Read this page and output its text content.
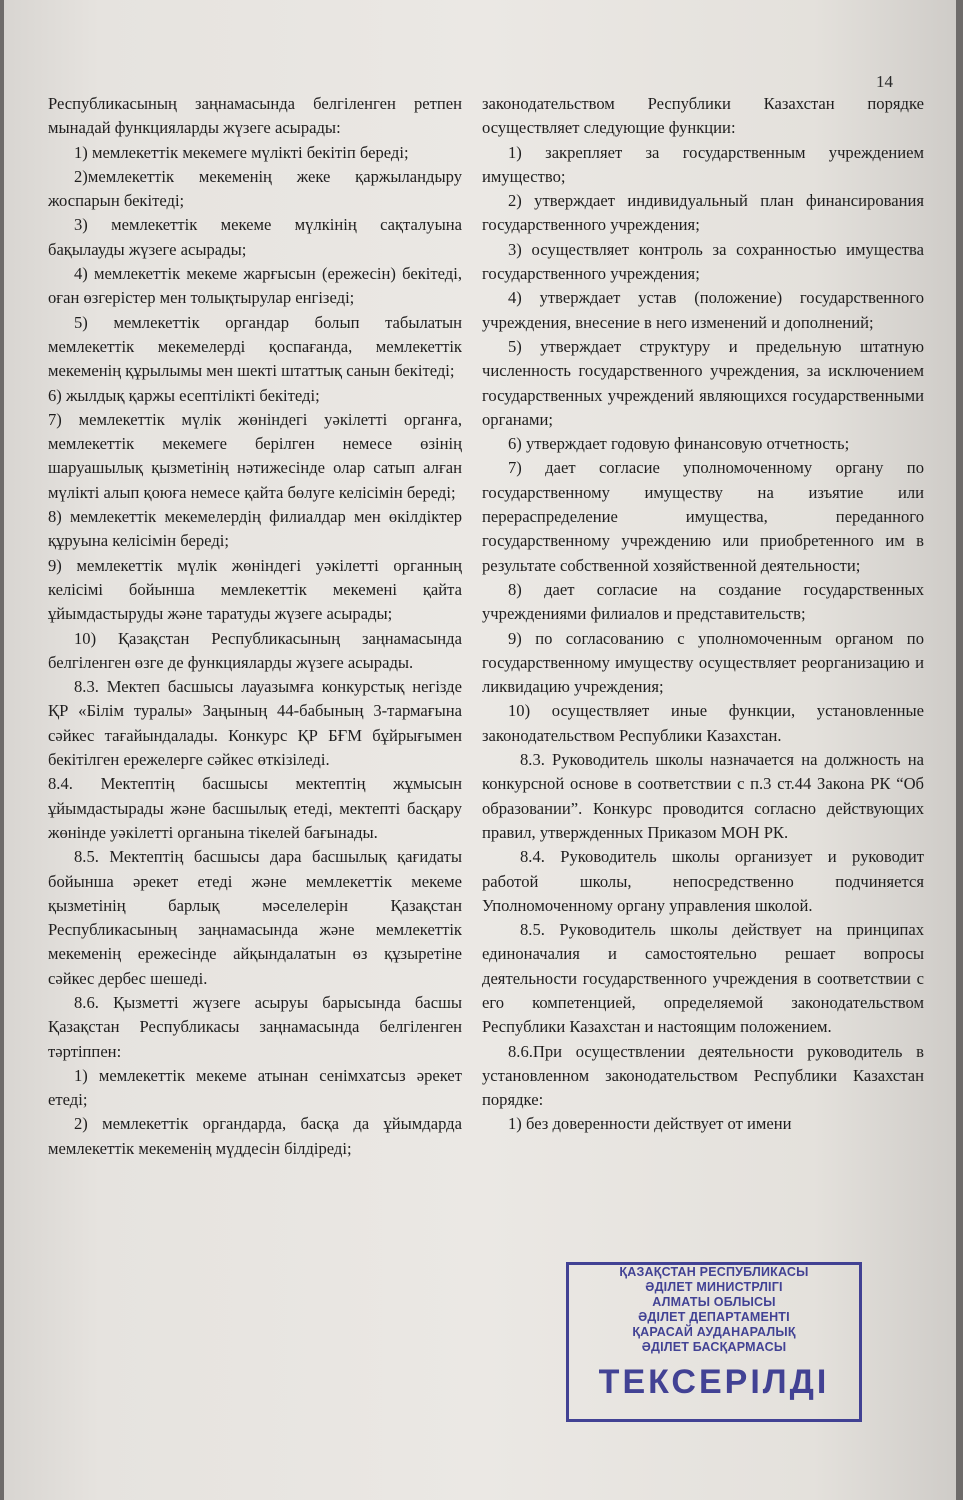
14

Республикасының заңнамасында белгіленген ретпен мынадай функцияларды жүзеге асырады:

1) мемлекеттік мекемеге мүлікті бекітіп береді;

2)мемлекеттік мекеменің жеке қаржыландыру жоспарын бекітеді;

3) мемлекеттік мекеме мүлкінің сақталуына бақылауды жүзеге асырады;

4) мемлекеттік мекеме жарғысын (ережесін) бекітеді, оған өзгерістер мен толықтырулар енгізеді;

5) мемлекеттік органдар болып табылатын мемлекеттік мекемелерді қоспағанда, мемлекеттік мекеменің құрылымы мен шекті штаттық санын бекітеді;

6) жылдық қаржы есептілікті бекітеді;

7) мемлекеттік мүлік жөніндегі уәкілетті органға, мемлекеттік мекемеге берілген немесе өзінің шаруашылық қызметінің нәтижесінде олар сатып алған мүлікті алып қоюға немесе қайта бөлуге келісімін береді;

8) мемлекеттік мекемелердің филиалдар мен өкілдіктер құруына келісімін береді;

9) мемлекеттік мүлік жөніндегі уәкілетті органның келісімі бойынша мемлекеттік мекемені қайта ұйымдастыруды және таратуды жүзеге асырады;

10) Қазақстан Республикасының заңнамасында белгіленген өзге де функцияларды жүзеге асырады.

8.3. Мектеп басшысы лауазымға конкурстық негізде ҚР «Білім туралы» Заңының 44-бабының 3-тармағына сәйкес тағайындалады. Конкурс ҚР БҒМ бұйрығымен бекітілген ережелерге сәйкес өткізіледі.

8.4. Мектептің басшысы мектептің жұмысын ұйымдастырады және басшылық етеді, мектепті басқару жөнінде уәкілетті органына тікелей бағынады.

8.5. Мектептің басшысы дара басшылық қағидаты бойынша әрекет етеді және мемлекеттік мекеме қызметінің барлық мәселелерін Қазақстан Республикасының заңнамасында және мемлекеттік мекеменің ережесінде айқындалатын өз құзыретіне сәйкес дербес шешеді.

8.6. Қызметті жүзеге асыруы барысында басшы Қазақстан Республикасы заңнамасында белгіленген тәртіппен:

1) мемлекеттік мекеме атынан сенімхатсыз әрекет етеді;

2) мемлекеттік органдарда, басқа да ұйымдарда мемлекеттік мекеменің мүддесін білдіреді;

законодательством Республики Казахстан порядке осуществляет следующие функции:

1) закрепляет за государственным учреждением имущество;

2) утверждает индивидуальный план финансирования государственного учреждения;

3) осуществляет контроль за сохранностью имущества государственного учреждения;

4) утверждает устав (положение) государственного учреждения, внесение в него изменений и дополнений;

5) утверждает структуру и предельную штатную численность государственного учреждения, за исключением государственных учреждений являющихся государственными органами;

6) утверждает годовую финансовую отчетность;

7) дает согласие уполномоченному органу по государственному имуществу на изъятие или перераспределение имущества, переданного государственному учреждению или приобретенного им в результате собственной хозяйственной деятельности;

8) дает согласие на создание государственных учреждениями филиалов и представительств;

9) по согласованию с уполномоченным органом по государственному имуществу осуществляет реорганизацию и ликвидацию учреждения;

10) осуществляет иные функции, установленные законодательством Республики Казахстан.

8.3. Руководитель школы назначается на должность на конкурсной основе в соответствии с п.3 ст.44 Закона РК “Об образовании”. Конкурс проводится согласно действующих правил, утвержденных Приказом МОН РК.

8.4. Руководитель школы организует и руководит работой школы, непосредственно подчиняется Уполномоченному органу управления школой.

8.5. Руководитель школы действует на принципах единоначалия и самостоятельно решает вопросы деятельности государственного учреждения в соответствии с его компетенцией, определяемой законодательством Республики Казахстан и настоящим положением.

8.6.При осуществлении деятельности руководитель в установленном законодательством Республики Казахстан порядке:

1) без доверенности действует от имени

ҚАЗАҚСТАН РЕСПУБЛИКАСЫ
ӘДІЛЕТ МИНИСТРЛІГІ
АЛМАТЫ ОБЛЫСЫ
ӘДІЛЕТ ДЕПАРТАМЕНТІ
ҚАРАСАЙ АУДАНАРАЛЫҚ
ӘДІЛЕТ БАСҚАРМАСЫ
ТЕКСЕРІЛДІ
